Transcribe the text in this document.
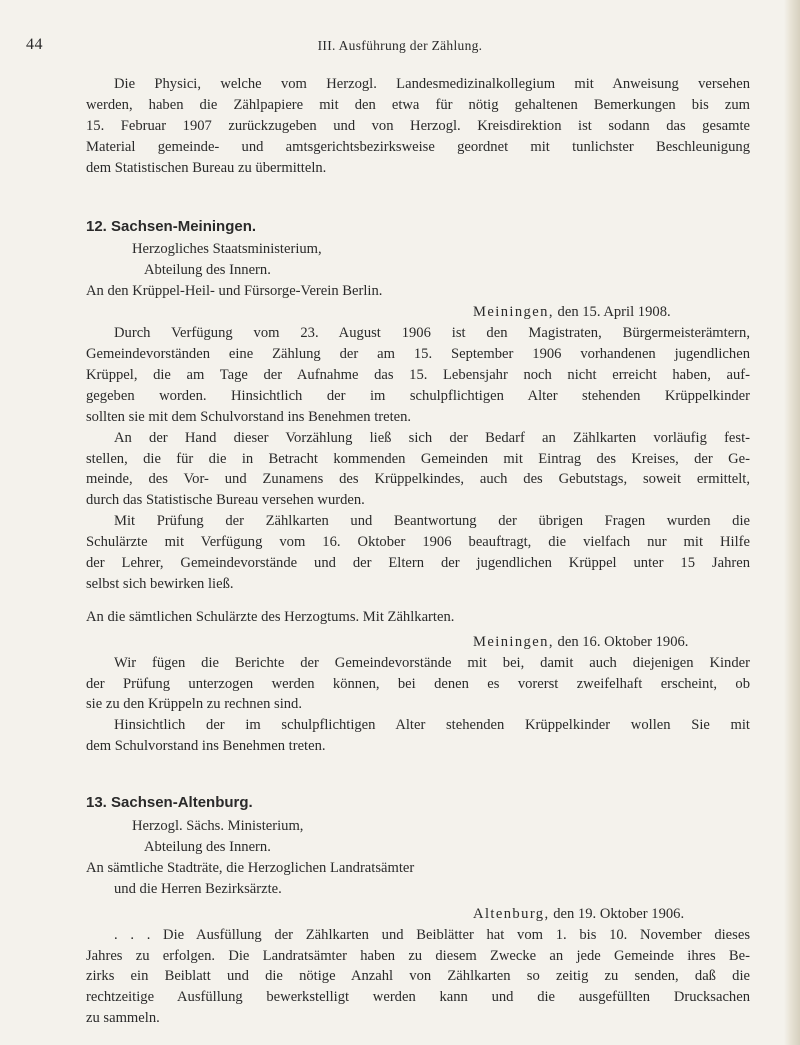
44	III. Ausführung der Zählung.

Die Physici, welche vom Herzogl. Landesmedizinalkollegium mit Anweisung versehen

werden, haben die Zählpapiere mit den etwa für nötig gehaltenen Bemerkungen bis zum
15. Februar 1907 zurückzugeben und von Herzogl. Kreisdirektion ist sodann das gesamte
Material gemeinde- und amtsgerichtsbezirksweise geordnet mit tunlichster Beschleunigung
dem Statistischen Bureau zu übermitteln.

12. Sachsen-Meiningen.

Herzogliches Staatsministerium,

Abteilung des Innern.

An den Krüppel-Heil- und Fürsorge-Verein Berlin.

Meiningen, den 15. April 1908.

Durch Verfügung vom 23. August 1906 ist den Magistraten, Bürgermeisterämtern,

Gemeindevorständen eine Zählung der am 15. September 1906 vorhandenen jugendlichen
Krüppel, die am Tage der Aufnahme das 15. Lebensjahr noch nicht erreicht haben, auf-
gegeben worden. Hinsichtlich der im schulpflichtigen Alter stehenden Krüppelkinder
sollten sie mit dem Schulvorstand ins Benehmen treten.

An der Hand dieser Vorzählung ließ sich der Bedarf an Zählkarten vorläufig fest-

stellen, die für die in Betracht kommenden Gemeinden mit Eintrag des Kreises, der Ge-
meinde, des Vor- und Zunamens des Krüppelkindes, auch des Gebutstags, soweit ermittelt,
durch das Statistische Bureau versehen wurden.

Mit Prüfung der Zählkarten und Beantwortung der übrigen Fragen wurden die

Schulärzte mit Verfügung vom 16. Oktober 1906 beauftragt, die vielfach nur mit Hilfe
der Lehrer, Gemeindevorstände und der Eltern der jugendlichen Krüppel unter 15 Jahren
selbst sich bewirken ließ.

An die sämtlichen Schulärzte des Herzogtums. Mit Zählkarten.

Meiningen, den 16. Oktober 1906.

Wir fügen die Berichte der Gemeindevorstände mit bei, damit auch diejenigen Kinder

der Prüfung unterzogen werden können, bei denen es vorerst zweifelhaft erscheint, ob
sie zu den Krüppeln zu rechnen sind.

Hinsichtlich der im schulpflichtigen Alter stehenden Krüppelkinder wollen Sie mit

dem Schulvorstand ins Benehmen treten.

13. Sachsen-Altenburg.

Herzogl. Sächs. Ministerium,

Abteilung des Innern.

An sämtliche Stadträte, die Herzoglichen Landratsämter

und die Herren Bezirksärzte.

Altenburg, den 19. Oktober 1906.

. . . Die Ausfüllung der Zählkarten und Beiblätter hat vom 1. bis 10. November dieses

Jahres zu erfolgen. Die Landratsämter haben zu diesem Zwecke an jede Gemeinde ihres Be-
zirks ein Beiblatt und die nötige Anzahl von Zählkarten so zeitig zu senden, daß die
rechtzeitige Ausfüllung bewerkstelligt werden kann und die ausgefüllten Drucksachen
zu sammeln.
